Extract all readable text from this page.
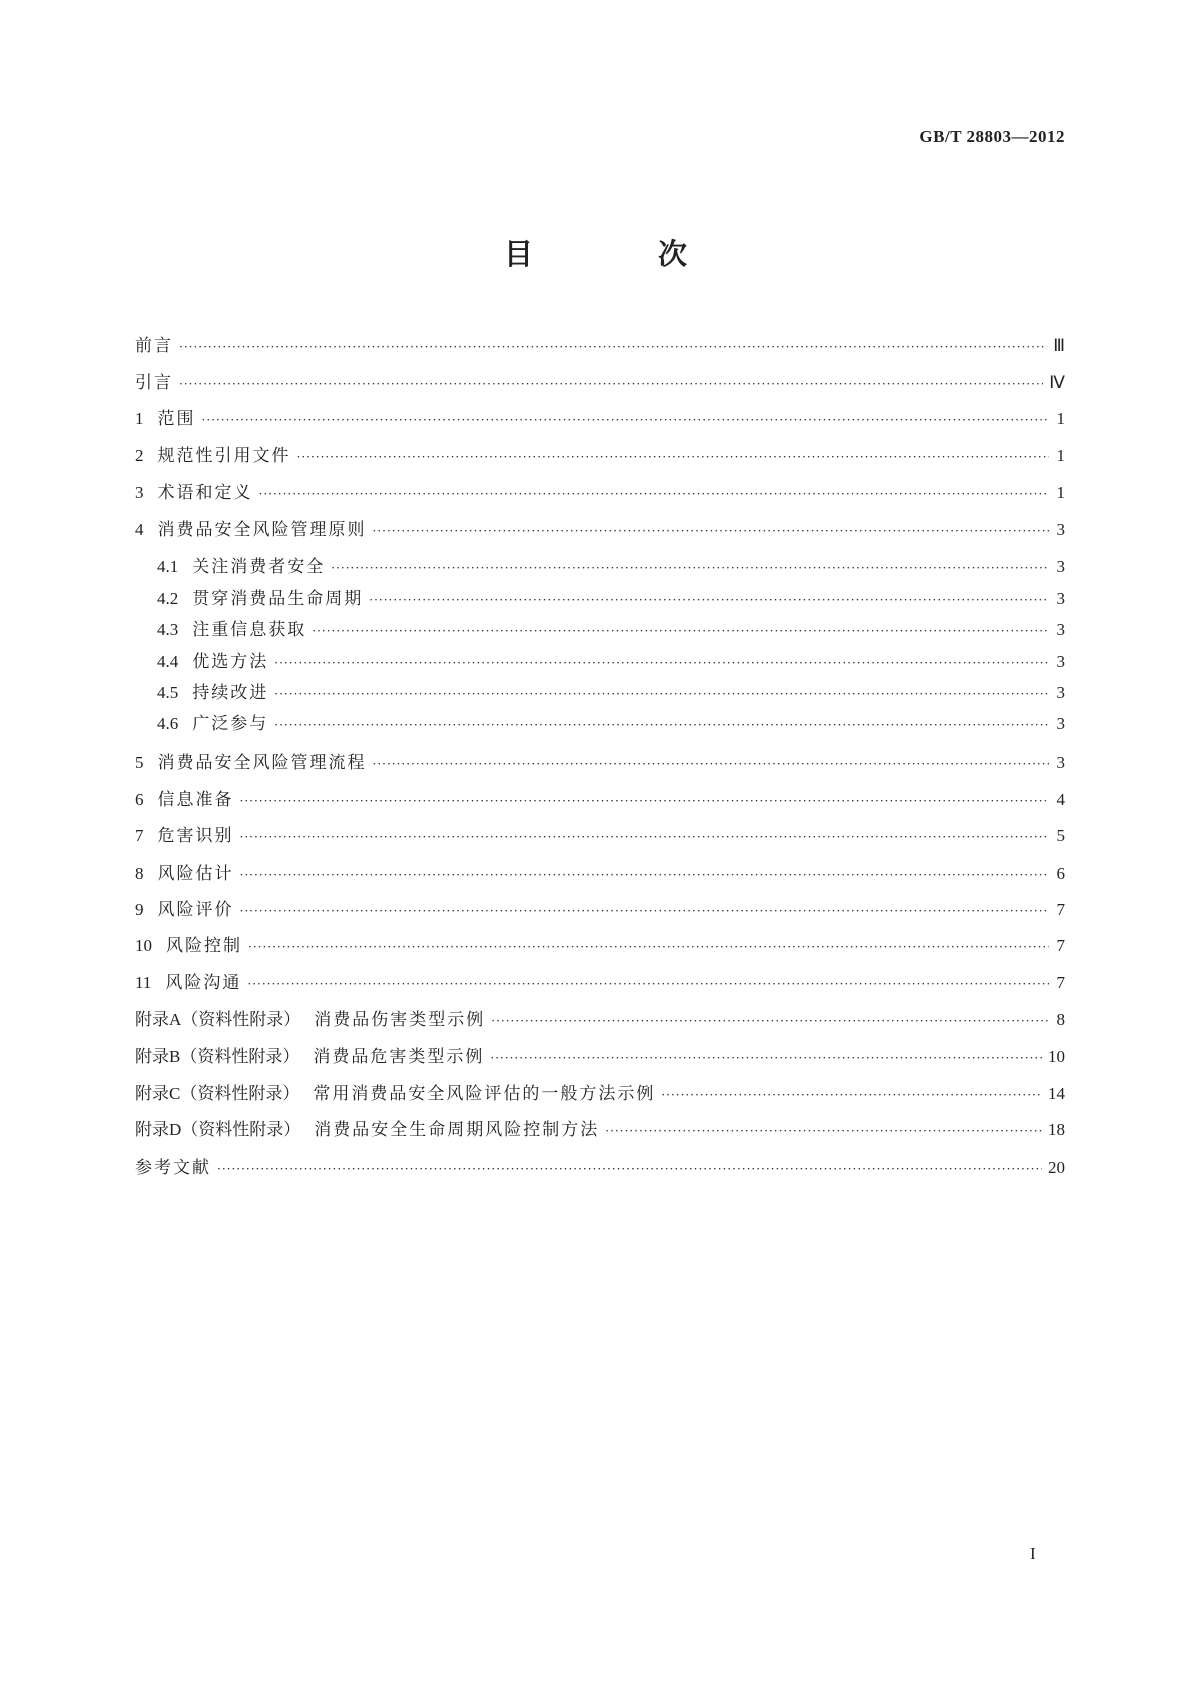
GB/T 28803—2012
目　次
前言 ·····	Ⅲ
引言 ·····	Ⅳ
1 范围 ·····	1
2 规范性引用文件 ·····	1
3 术语和定义 ·····	1
4 消费品安全风险管理原则 ·····	3
4.1 关注消费者安全 ·····	3
4.2 贯穿消费品生命周期 ·····	3
4.3 注重信息获取 ·····	3
4.4 优选方法 ·····	3
4.5 持续改进 ·····	3
4.6 广泛参与 ·····	3
5 消费品安全风险管理流程 ·····	3
6 信息准备 ·····	4
7 危害识别 ·····	5
8 风险估计 ·····	6
9 风险评价 ·····	7
10 风险控制 ·····	7
11 风险沟通 ·····	7
附录A（资料性附录） 消费品伤害类型示例 ·····	8
附录B（资料性附录） 消费品危害类型示例 ·····	10
附录C（资料性附录） 常用消费品安全风险评估的一般方法示例 ·····	14
附录D（资料性附录） 消费品安全生命周期风险控制方法 ·····	18
参考文献 ·····	20
I
